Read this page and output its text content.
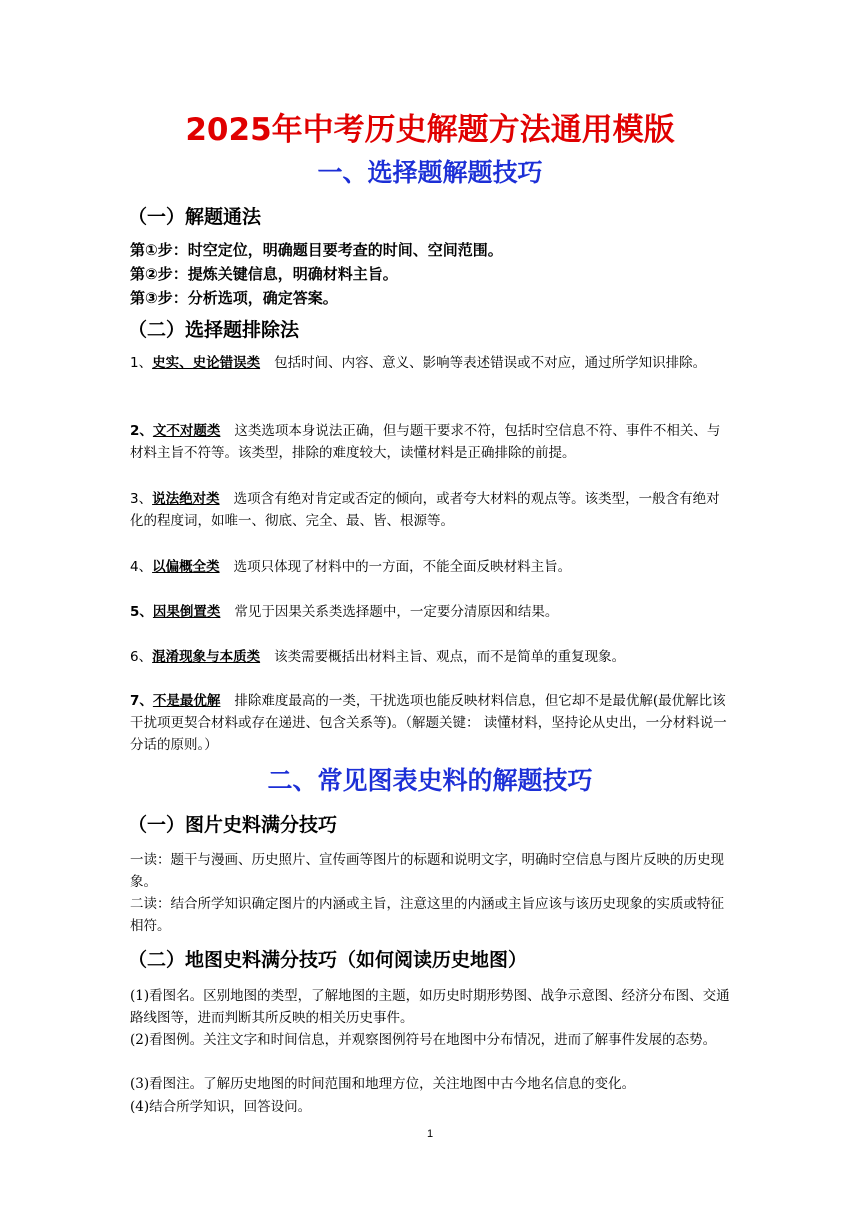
2025年中考历史解题方法通用模版
一、选择题解题技巧
（一）解题通法
第①步：时空定位，明确题目要考查的时间、空间范围。
第②步：提炼关键信息，明确材料主旨。
第③步：分析选项，确定答案。
（二）选择题排除法
1、史实、史论错误类 包括时间、内容、意义、影响等表述错误或不对应，通过所学知识排除。
2、文不对题类 这类选项本身说法正确，但与题干要求不符，包括时空信息不符、事件不相关、与材料主旨不符等。该类型，排除的难度较大，读懂材料是正确排除的前提。
3、说法绝对类 选项含有绝对肯定或否定的倾向，或者夸大材料的观点等。该类型，一般含有绝对化的程度词，如唯一、彻底、完全、最、皆、根源等。
4、以偏概全类 选项只体现了材料中的一方面，不能全面反映材料主旨。
5、因果倒置类 常见于因果关系类选择题中，一定要分清原因和结果。
6、混淆现象与本质类 该类需要概括出材料主旨、观点，而不是简单的重复现象。
7、不是最优解 排除难度最高的一类，干扰选项也能反映材料信息，但它却不是最优解(最优解比该干扰项更契合材料或存在递进、包含关系等)。（解题关键： 读懂材料，坚持论从史出，一分材料说一分话的原则。）
二、常见图表史料的解题技巧
（一）图片史料满分技巧
一读：题干与漫画、历史照片、宣传画等图片的标题和说明文字，明确时空信息与图片反映的历史现象。
二读：结合所学知识确定图片的内涵或主旨，注意这里的内涵或主旨应该与该历史现象的实质或特征相符。
（二）地图史料满分技巧（如何阅读历史地图）
(1)看图名。区别地图的类型，了解地图的主题，如历史时期形势图、战争示意图、经济分布图、交通路线图等，进而判断其所反映的相关历史事件。
(2)看图例。关注文字和时间信息，并观察图例符号在地图中分布情况，进而了解事件发展的态势。
(3)看图注。了解历史地图的时间范围和地理方位，关注地图中古今地名信息的变化。
(4)结合所学知识，回答设问。
1
